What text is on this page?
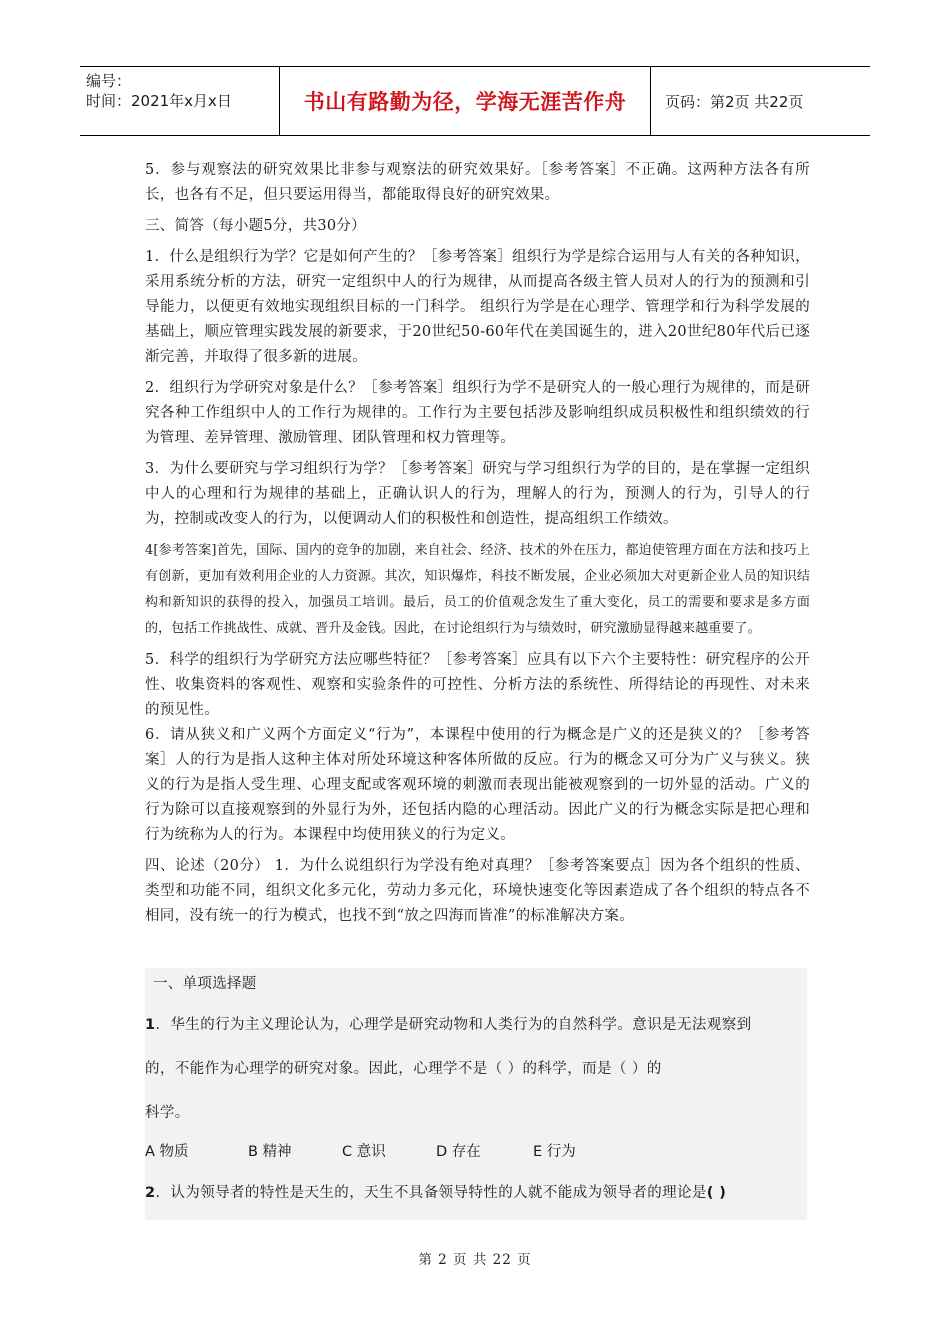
编号：
时间：2021年x月x日	书山有路勤为径，学海无涯苦作舟	页码：第2页 共22页

5．参与观察法的研究效果比非参与观察法的研究效果好。［参考答案］不正确。这两种方法各有所长，也各有不足，但只要运用得当，都能取得良好的研究效果。

三、简答（每小题5分，共30分）

1．什么是组织行为学？它是如何产生的？［参考答案］组织行为学是综合运用与人有关的各种知识，采用系统分析的方法，研究一定组织中人的行为规律，从而提高各级主管人员对人的行为的预测和引导能力，以便更有效地实现组织目标的一门科学。 组织行为学是在心理学、管理学和行为科学发展的基础上，顺应管理实践发展的新要求，于20世纪50-60年代在美国诞生的，进入20世纪80年代后已逐渐完善，并取得了很多新的进展。

2．组织行为学研究对象是什么？［参考答案］组织行为学不是研究人的一般心理行为规律的，而是研究各种工作组织中人的工作行为规律的。工作行为主要包括涉及影响组织成员积极性和组织绩效的行为管理、差异管理、激励管理、团队管理和权力管理等。

3．为什么要研究与学习组织行为学？［参考答案］研究与学习组织行为学的目的，是在掌握一定组织中人的心理和行为规律的基础上，正确认识人的行为，理解人的行为，预测人的行为，引导人的行为，控制或改变人的行为，以便调动人们的积极性和创造性，提高组织工作绩效。

4[参考答案]首先，国际、国内的竞争的加剧，来自社会、经济、技术的外在压力，都迫使管理方面在方法和技巧上有创新，更加有效利用企业的人力资源。其次，知识爆炸，科技不断发展，企业必须加大对更新企业人员的知识结构和新知识的获得的投入，加强员工培训。最后，员工的价值观念发生了重大变化，员工的需要和要求是多方面的，包括工作挑战性、成就、晋升及金钱。因此，在讨论组织行为与绩效时，研究激励显得越来越重要了。

5．科学的组织行为学研究方法应哪些特征？［参考答案］应具有以下六个主要特性：研究程序的公开性、收集资料的客观性、观察和实验条件的可控性、分析方法的系统性、所得结论的再现性、对未来的预见性。

6．请从狭义和广义两个方面定义“行为”，本课程中使用的行为概念是广义的还是狭义的？［参考答案］人的行为是指人这种主体对所处环境这种客体所做的反应。行为的概念又可分为广义与狭义。狭义的行为是指人受生理、心理支配或客观环境的刺激而表现出能被观察到的一切外显的活动。广义的行为除可以直接观察到的外显行为外，还包括内隐的心理活动。因此广义的行为概念实际是把心理和行为统称为人的行为。本课程中均使用狭义的行为定义。

四、论述（20分） 1．为什么说组织行为学没有绝对真理？［参考答案要点］因为各个组织的性质、类型和功能不同，组织文化多元化，劳动力多元化，环境快速变化等因素造成了各个组织的特点各不相同，没有统一的行为模式，也找不到“放之四海而皆准”的标准解决方案。

一、单项选择题
1．华生的行为主义理论认为，心理学是研究动物和人类行为的自然科学。意识是无法观察到
的，不能作为心理学的研究对象。因此，心理学不是（ ）的科学，而是（ ）的
科学。
A 物质	B 精神	C 意识	D 存在	E 行为
2．认为领导者的特性是天生的，天生不具备领导特性的人就不能成为领导者的理论是( )
第 2 页 共 22 页
